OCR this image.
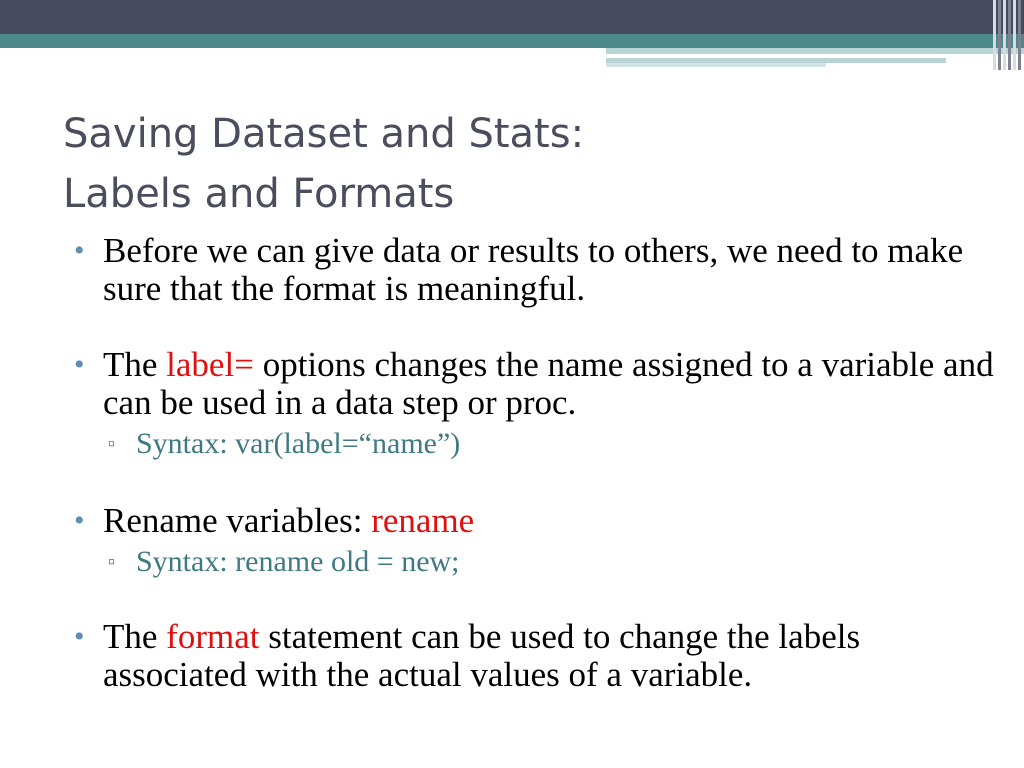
Saving Dataset and Stats:
Labels and Formats
• Before we can give data or results to others, we need to make sure that the format is meaningful.
• The label= options changes the name assigned to a variable and can be used in a data step or proc.
▫ Syntax: var(label=“name”)
• Rename variables: rename
▫ Syntax: rename old = new;
• The format statement can be used to change the labels associated with the actual values of a variable.
